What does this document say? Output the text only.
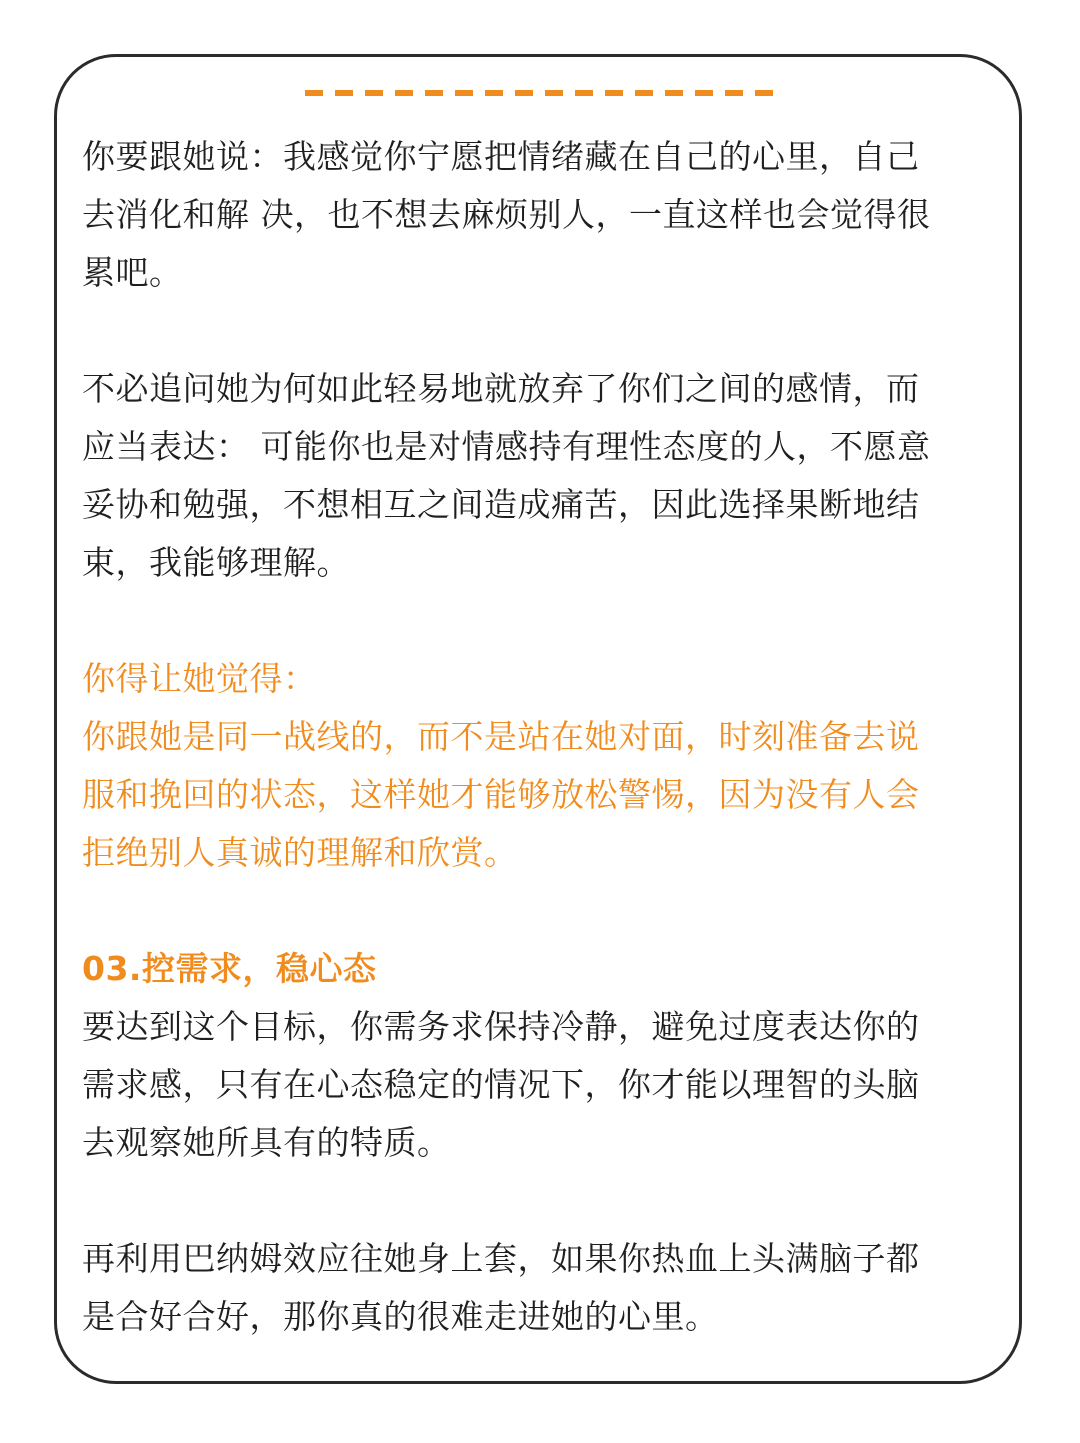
你要跟她说：我感觉你宁愿把情绪藏在自己的心里，自己
去消化和解 决，也不想去麻烦别人，一直这样也会觉得很
累吧。

不必追问她为何如此轻易地就放弃了你们之间的感情，而
应当表达： 可能你也是对情感持有理性态度的人，不愿意
妥协和勉强，不想相互之间造成痛苦，因此选择果断地结
束，我能够理解。

你得让她觉得：

你跟她是同一战线的，而不是站在她对面，时刻准备去说
服和挽回的状态，这样她才能够放松警惕，因为没有人会
拒绝别人真诚的理解和欣赏。

03.控需求，稳心态

要达到这个目标，你需务求保持冷静，避免过度表达你的
需求感，只有在心态稳定的情况下，你才能以理智的头脑
去观察她所具有的特质。

再利用巴纳姆效应往她身上套，如果你热血上头满脑子都
是合好合好，那你真的很难走进她的心里。
